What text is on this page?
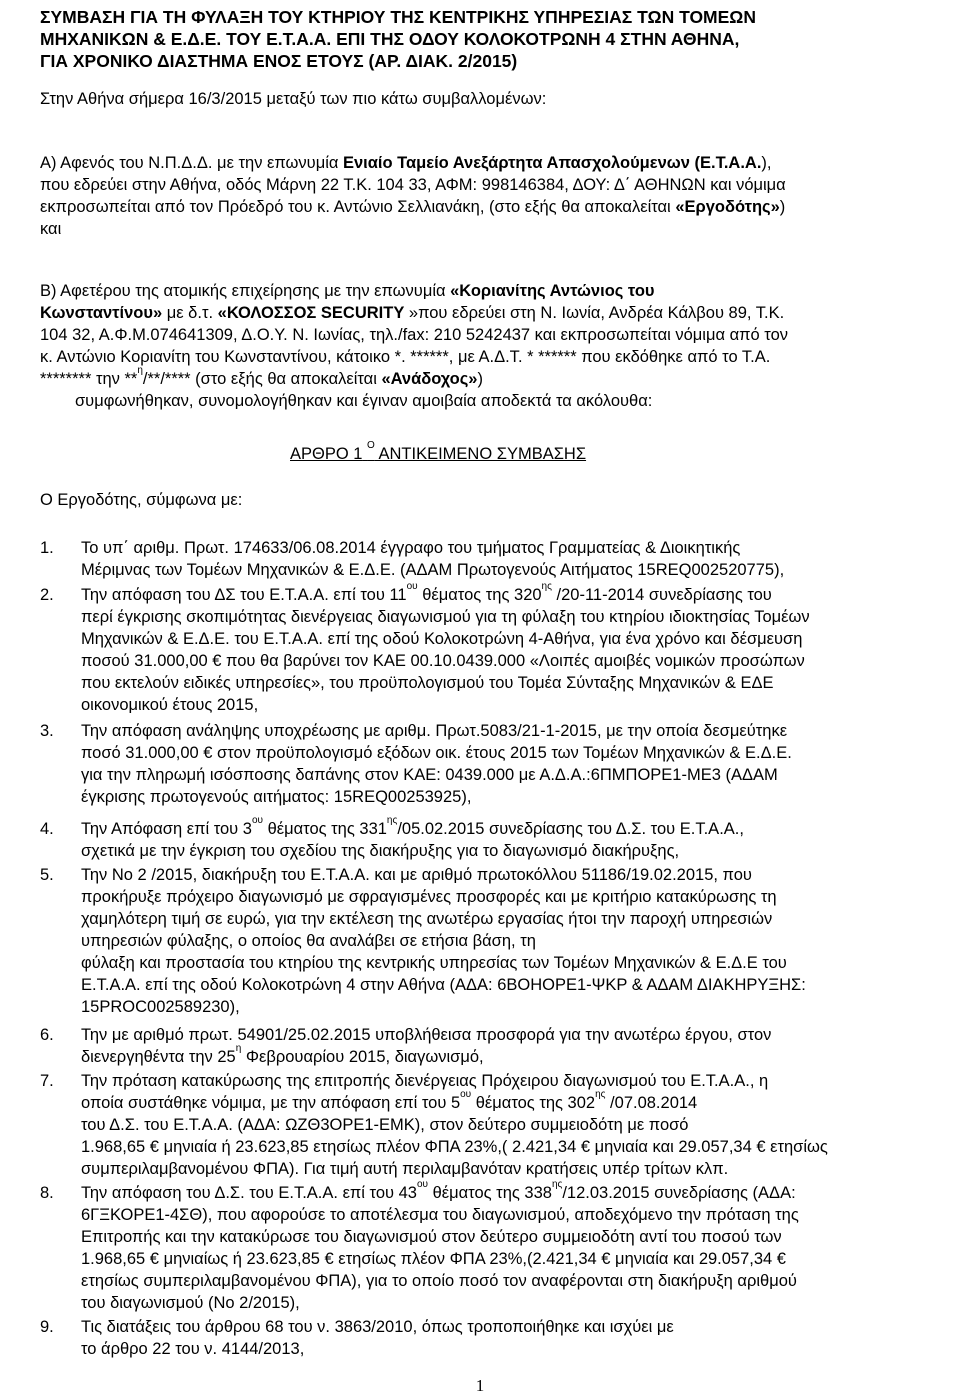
ΣΥΜΒΑΣΗ ΓΙΑ ΤΗ ΦΥΛΑΞΗ ΤΟΥ ΚΤΗΡΙΟΥ ΤΗΣ ΚΕΝΤΡΙΚΗΣ ΥΠΗΡΕΣΙΑΣ ΤΩΝ ΤΟΜΕΩΝ
ΜΗΧΑΝΙΚΩΝ & Ε.Δ.Ε. ΤΟΥ Ε.Τ.Α.Α. ΕΠΙ ΤΗΣ ΟΔΟΥ ΚΟΛΟΚΟΤΡΩΝΗ 4 ΣΤΗΝ ΑΘΗΝΑ,
ΓΙΑ ΧΡΟΝΙΚΟ ΔΙΑΣΤΗΜΑ ΕΝΟΣ ΕΤΟΥΣ (ΑΡ. ΔΙΑΚ. 2/2015)
Στην Αθήνα σήμερα 16/3/2015 μεταξύ των πιο κάτω συμβαλλομένων:
Α) Αφενός του Ν.Π.Δ.Δ. με την επωνυμία Ενιαίο Ταμείο Ανεξάρτητα Απασχολούμενων (Ε.Τ.Α.Α.),
που εδρεύει στην Αθήνα, οδός Μάρνη 22 Τ.Κ. 104 33, ΑΦΜ: 998146384, ΔΟΥ: Δ΄ ΑΘΗΝΩΝ και νόμιμα
εκπροσωπείται από τον Πρόεδρό του κ. Αντώνιο Σελλιανάκη, (στο εξής θα αποκαλείται «Εργοδότης»)
και
Β) Αφετέρου της ατομικής επιχείρησης με την επωνυμία «Κοριανίτης Αντώνιος του
Κωνσταντίνου» με δ.τ. «ΚΟΛΟΣΣΟΣ SECURITY »που εδρεύει στη Ν. Ιωνία, Ανδρέα Κάλβου 89, Τ.Κ.
104 32, Α.Φ.Μ.074641309, Δ.Ο.Υ. Ν. Ιωνίας, τηλ./fax: 210 5242437 και εκπροσωπείται νόμιμα από τον
κ. Αντώνιο Κοριανίτη του Κωνσταντίνου, κάτοικο *. ******, με Α.Δ.Τ. * ****** που εκδόθηκε από το Τ.Α.
******** την **$^\eta$/**/**** (στο εξής θα αποκαλείται «Ανάδοχος»)
συμφωνήθηκαν, συνομολογήθηκαν και έγιναν αμοιβαία αποδεκτά τα ακόλουθα:
ΑΡΘΡΟ 1 $^O$ ΑΝΤΙΚΕΙΜΕΝΟ ΣΥΜΒΑΣΗΣ
Ο Εργοδότης, σύμφωνα με:
1. Το υπ΄ αριθμ. Πρωτ. 174633/06.08.2014 έγγραφο του τμήματος Γραμματείας & Διοικητικής
Μέριμνας των Τομέων Μηχανικών & Ε.Δ.Ε. (ΑΔΑΜ Πρωτογενούς Αιτήματος 15REQ002520775),
2. Την απόφαση του ΔΣ του Ε.Τ.Α.Α. επί του $11^{o\upsilon}$ θέματος της $320^{\eta\varsigma}$ /20-11-2014 συνεδρίασης του
περί έγκρισης σκοπιμότητας διενέργειας διαγωνισμού για τη φύλαξη του κτηρίου ιδιοκτησίας Τομέων
Μηχανικών & Ε.Δ.Ε. του Ε.Τ.Α.Α. επί της οδού Κολοκοτρώνη 4-Αθήνα, για ένα χρόνο και δέσμευση
ποσού 31.000,00 € που θα βαρύνει τον ΚΑΕ 00.10.0439.000 «Λοιπές αμοιβές νομικών προσώπων
που εκτελούν ειδικές υπηρεσίες», του προϋπολογισμού του Τομέα Σύνταξης Μηχανικών & ΕΔΕ
οικονομικού έτους 2015,
3. Την απόφαση ανάληψης υποχρέωσης με αριθμ. Πρωτ.5083/21-1-2015, με την οποία δεσμεύτηκε
ποσό 31.000,00 € στον προϋπολογισμό εξόδων οικ. έτους 2015 των Τομέων Μηχανικών & Ε.Δ.Ε.
για την πληρωμή ισόσποσης δαπάνης στον ΚΑΕ: 0439.000 με Α.Δ.Α.:6ΠΜΠΟΡΕ1-ΜΕ3 (ΑΔΑΜ
έγκρισης πρωτογενούς αιτήματος: 15REQ00253925),
4. Την Απόφαση επί του $3^{o\upsilon}$ θέματος της $331^{\eta\varsigma}/05.02.2015$ συνεδρίασης του Δ.Σ. του Ε.Τ.Α.Α.,
σχετικά με την έγκριση του σχεδίου της διακήρυξης για το διαγωνισμό διακήρυξης,
5. Την Νο 2 /2015, διακήρυξη του Ε.Τ.Α.Α. και με αριθμό πρωτοκόλλου 51186/19.02.2015, που
προκήρυξε πρόχειρο διαγωνισμό με σφραγισμένες προσφορές και με κριτήριο κατακύρωσης τη
χαμηλότερη τιμή σε ευρώ, για την εκτέλεση της ανωτέρω εργασίας ήτοι την παροχή υπηρεσιών
υπηρεσιών φύλαξης, ο οποίος θα αναλάβει σε ετήσια βάση, τη
φύλαξη και προστασία του κτηρίου της κεντρικής υπηρεσίας των Τομέων Μηχανικών & Ε.Δ.Ε του
Ε.Τ.Α.Α. επί της οδού Κολοκοτρώνη 4 στην Αθήνα (ΑΔΑ: 6ΒΟΗΟΡΕ1-ΨΚΡ & ΑΔΑΜ ΔΙΑΚΗΡΥΞΗΣ:
15PROC002589230),
6. Την με αριθμό πρωτ. 54901/25.02.2015 υποβλήθεισα προσφορά για την ανωτέρω έργου, στον
διενεργηθέντα την $25^\eta$ Φεβρουαρίου 2015, διαγωνισμό,
7. Την πρόταση κατακύρωσης της επιτροπής διενέργειας Πρόχειρου διαγωνισμού του Ε.Τ.Α.Α., η
οποία συστάθηκε νόμιμα, με την απόφαση επί του $5^{o\upsilon}$ θέματος της $302^{\eta\varsigma}$ /07.08.2014
του Δ.Σ. του Ε.Τ.Α.Α. (ΑΔΑ: ΩΖΘ3ΟΡΕ1-ΕΜΚ), στον δεύτερο συμμειοδότη με ποσό
1.968,65 € μηνιαία ή 23.623,85 ετησίως πλέον ΦΠΑ 23%,( 2.421,34 € μηνιαία και 29.057,34 € ετησίως
συμπεριλαμβανομένου ΦΠΑ). Για τιμή αυτή περιλαμβανόταν κρατήσεις υπέρ τρίτων κλπ.
8. Την απόφαση του Δ.Σ. του Ε.Τ.Α.Α. επί του $43^{o\upsilon}$ θέματος της $338^{\eta\varsigma}/12.03.2015$ συνεδρίασης (ΑΔΑ:
6ΓΞΚΟΡΕ1-4ΣΘ), που αφορούσε το αποτέλεσμα του διαγωνισμού, αποδεχόμενο την πρόταση της
Επιτροπής και την κατακύρωσε του διαγωνισμού στον δεύτερο συμμειοδότη αντί του ποσού των
1.968,65 € μηνιαίως ή 23.623,85 € ετησίως πλέον ΦΠΑ 23%,(2.421,34 € μηνιαία και 29.057,34 €
ετησίως συμπεριλαμβανομένου ΦΠΑ), για το οποίο ποσό τον αναφέρονται στη διακήρυξη αριθμού
του διαγωνισμού (Νο 2/2015),
9. Τις διατάξεις του άρθρου 68 του ν. 3863/2010, όπως τροποποιήθηκε και ισχύει με
το άρθρο 22 του ν. 4144/2013,
1
